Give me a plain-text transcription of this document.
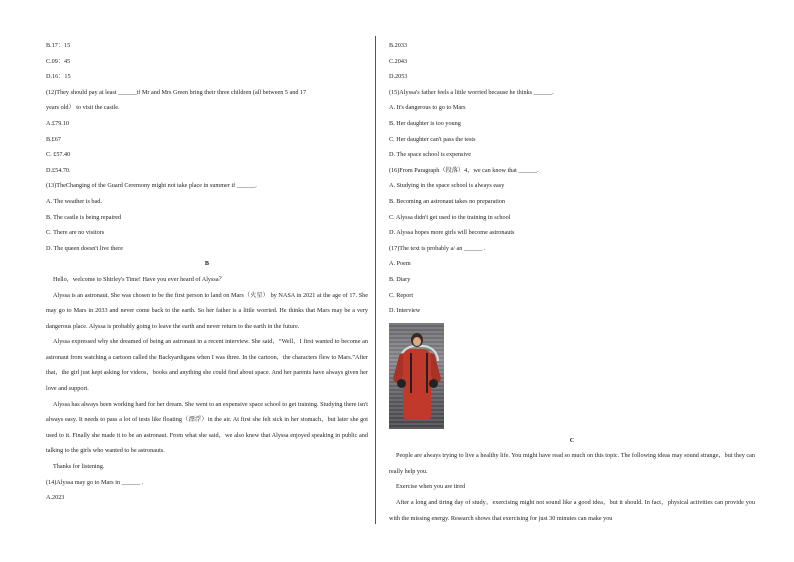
B.17：15
C.09：45
D.16：15
(12)They should pay at least ______if Mr and Mrs Green bring their three children (all between 5 and 17
years old） to visit the castle.
A.£79.10
B.£67
C. £57.40
D.£54.70.
(13)TheChanging of the Guard Ceremony might not take place in summer if ______.
A. The weather is bad.
B. The castle is being repaired
C. There are no visitors
D. The queen doesn't live there
B
Hello，welcome to Shirley's Time! Have you ever heard of Alyssa？
Alyssa is an astronaut. She was chosen to be the first person to land on Mars（火星） by NASA in 2021 at the age of 17. She may go to Mars in 2033 and never come back to the earth. So her father is a little worried. He thinks that Mars may be a very dangerous place. Alyssa is probably going to leave the earth and never return to the earth in the future.
Alyssa expressed why she dreamed of being an astronaut in a recent interview. She said，“Well，I first wanted to become an astronaut from watching a cartoon called the Backyardigans when I was three. In the cartoon，the characters flew to Mars.”After that，the girl just kept asking for videos，books and anything she could find about space. And her parents have always given her love and support.
Alyssa has always been working hard for her dream. She went to an expensive space school to get training. Studying there isn't always easy. It needs to pass a lot of tests like floating（漂浮）in the air. At first she felt sick in her stomach，but later she got used to it. Finally she made it to be an astronaut. From what she said，we also knew that Alyssa enjoyed speaking in public and talking to the girls who wanted to be astronauts.
Thanks for listening.
(14)Alyssa may go to Mars in ______ .
A.2023
B.2033
C.2043
D.2053
(15)Alyssa's father feels a little worried because he thinks ______.
A. It's dangerous to go to Mars
B. Her daughter is too young
C. Her daughter can't pass the tests
D. The space school is expensive
(16)From Paragraph（段落）4，we can know that ______.
A. Studying in the space school is always easy
B. Becoming an astronaut takes no preparation
C. Alyssa didn't get used to the training in school
D. Alyssa hopes more girls will become astronauts
(17)The text is probably a/ an ______ .
A. Poem
B. Diary
C. Report
D. Interview
C
People are always trying to live a healthy life. You might have read so much on this topic. The following ideas may sound strange，but they can really help you.
Exercise when you are tired
After a long and tiring day of study，exercising might not sound like a good idea，but it should. In fact，physical activities can provide you with the missing energy. Research shows that exercising for just 30 minutes can make you
